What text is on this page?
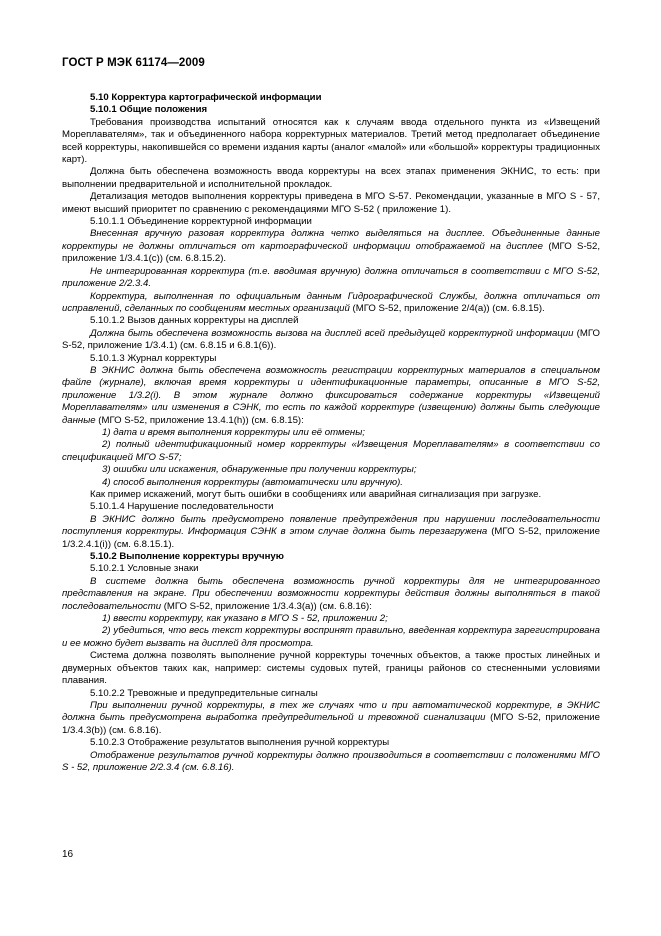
ГОСТ Р МЭК 61174—2009

5.10 Корректура картографической информации

5.10.1 Общие положения

Требования производства испытаний относятся как к случаям ввода отдельного пункта из «Извещений Мореплавателям», так и объединенного набора корректурных материалов. Третий метод предполагает объединение всей корректуры, накопившейся со времени издания карты (аналог «малой» или «большой» корректуры традиционных карт).

Должна быть обеспечена возможность ввода корректуры на всех этапах применения ЭКНИС, то есть: при выполнении предварительной и исполнительной прокладок.

Детализация методов выполнения корректуры приведена в МГО S-57. Рекомендации, указанные в МГО S - 57, имеют высший приоритет по сравнению с рекомендациями МГО S-52 ( приложение 1).

5.10.1.1 Объединение корректурной информации

Внесенная вручную разовая корректура должна четко выделяться на дисплее. Объединенные данные корректуры не должны отличаться от картографической информации отображаемой на дисплее (МГО S-52, приложение 1/3.4.1(с)) (см. 6.8.15.2).

Не интегрированная корректура (т.е. вводимая вручную) должна отличаться в соответствии с МГО S-52, приложение 2/2.3.4.

Корректура, выполненная по официальным данным Гидрографической Службы, должна отличаться от исправлений, сделанных по сообщениям местных организаций (МГО S-52, приложение 2/4(а)) (см. 6.8.15).

5.10.1.2 Вызов данных корректуры на дисплей

Должна быть обеспечена возможность вызова на дисплей всей предыдущей корректурной информации (МГО S-52, приложение 1/3.4.1) (см. 6.8.15 и 6.8.1(6)).

5.10.1.3 Журнал корректуры

В ЭКНИС должна быть обеспечена возможность регистрации корректурных материалов в специальном файле (журнале), включая время корректуры и идентификационные параметры, описанные в МГО S-52, приложение 1/3.2(i). В этом журнале должно фиксироваться содержание корректуры «Извещений Мореплавателям» или изменения в СЭНК, то есть по каждой корректуре (извещению) должны быть следующие данные (МГО S-52, приложение 13.4.1(h)) (см. 6.8.15):

1) дата и время выполнения корректуры или её отмены;

2) полный идентификационный номер корректуры «Извещения Мореплавателям» в соответствии со спецификацией МГО S-57;

3) ошибки или искажения, обнаруженные при получении корректуры;

4) способ выполнения корректуры (автоматически или вручную).

Как пример искажений, могут быть ошибки в сообщениях или аварийная сигнализация при загрузке.

5.10.1.4 Нарушение последовательности

В ЭКНИС должно быть предусмотрено появление предупреждения при нарушении последовательности поступления корректуры. Информация СЭНК в этом случае должна быть перезагружена (МГО S-52, приложение 1/3.2.4.1(i)) (см. 6.8.15.1).

5.10.2 Выполнение корректуры вручную

5.10.2.1 Условные знаки

В системе должна быть обеспечена возможность ручной корректуры для не интегрированного представления на экране. При обеспечении возможности корректуры действия должны выполняться в такой последовательности (МГО S-52, приложение 1/3.4.3(а)) (см. 6.8.16):

1) ввести корректуру, как указано в МГО S - 52, приложении 2;

2) убедиться, что весь текст корректуры воспринят правильно, введенная корректура зарегистрирована и ее можно будет вызвать на дисплей для просмотра.

Система должна позволять выполнение ручной корректуры точечных объектов, а также простых линейных и двумерных объектов таких как, например: системы судовых путей, границы районов со стесненными условиями плавания.

5.10.2.2 Тревожные и предупредительные сигналы

При выполнении ручной корректуры, в тех же случаях что и при автоматической корректуре, в ЭКНИС должна быть предусмотрена выработка предупредительной и тревожной сигнализации (МГО S-52, приложение 1/3.4.3(b)) (см. 6.8.16).

5.10.2.3 Отображение результатов выполнения ручной корректуры

Отображение результатов ручной корректуры должно производиться в соответствии с положениями МГО S - 52, приложение 2/2.3.4 (см. 6.8.16).

16
